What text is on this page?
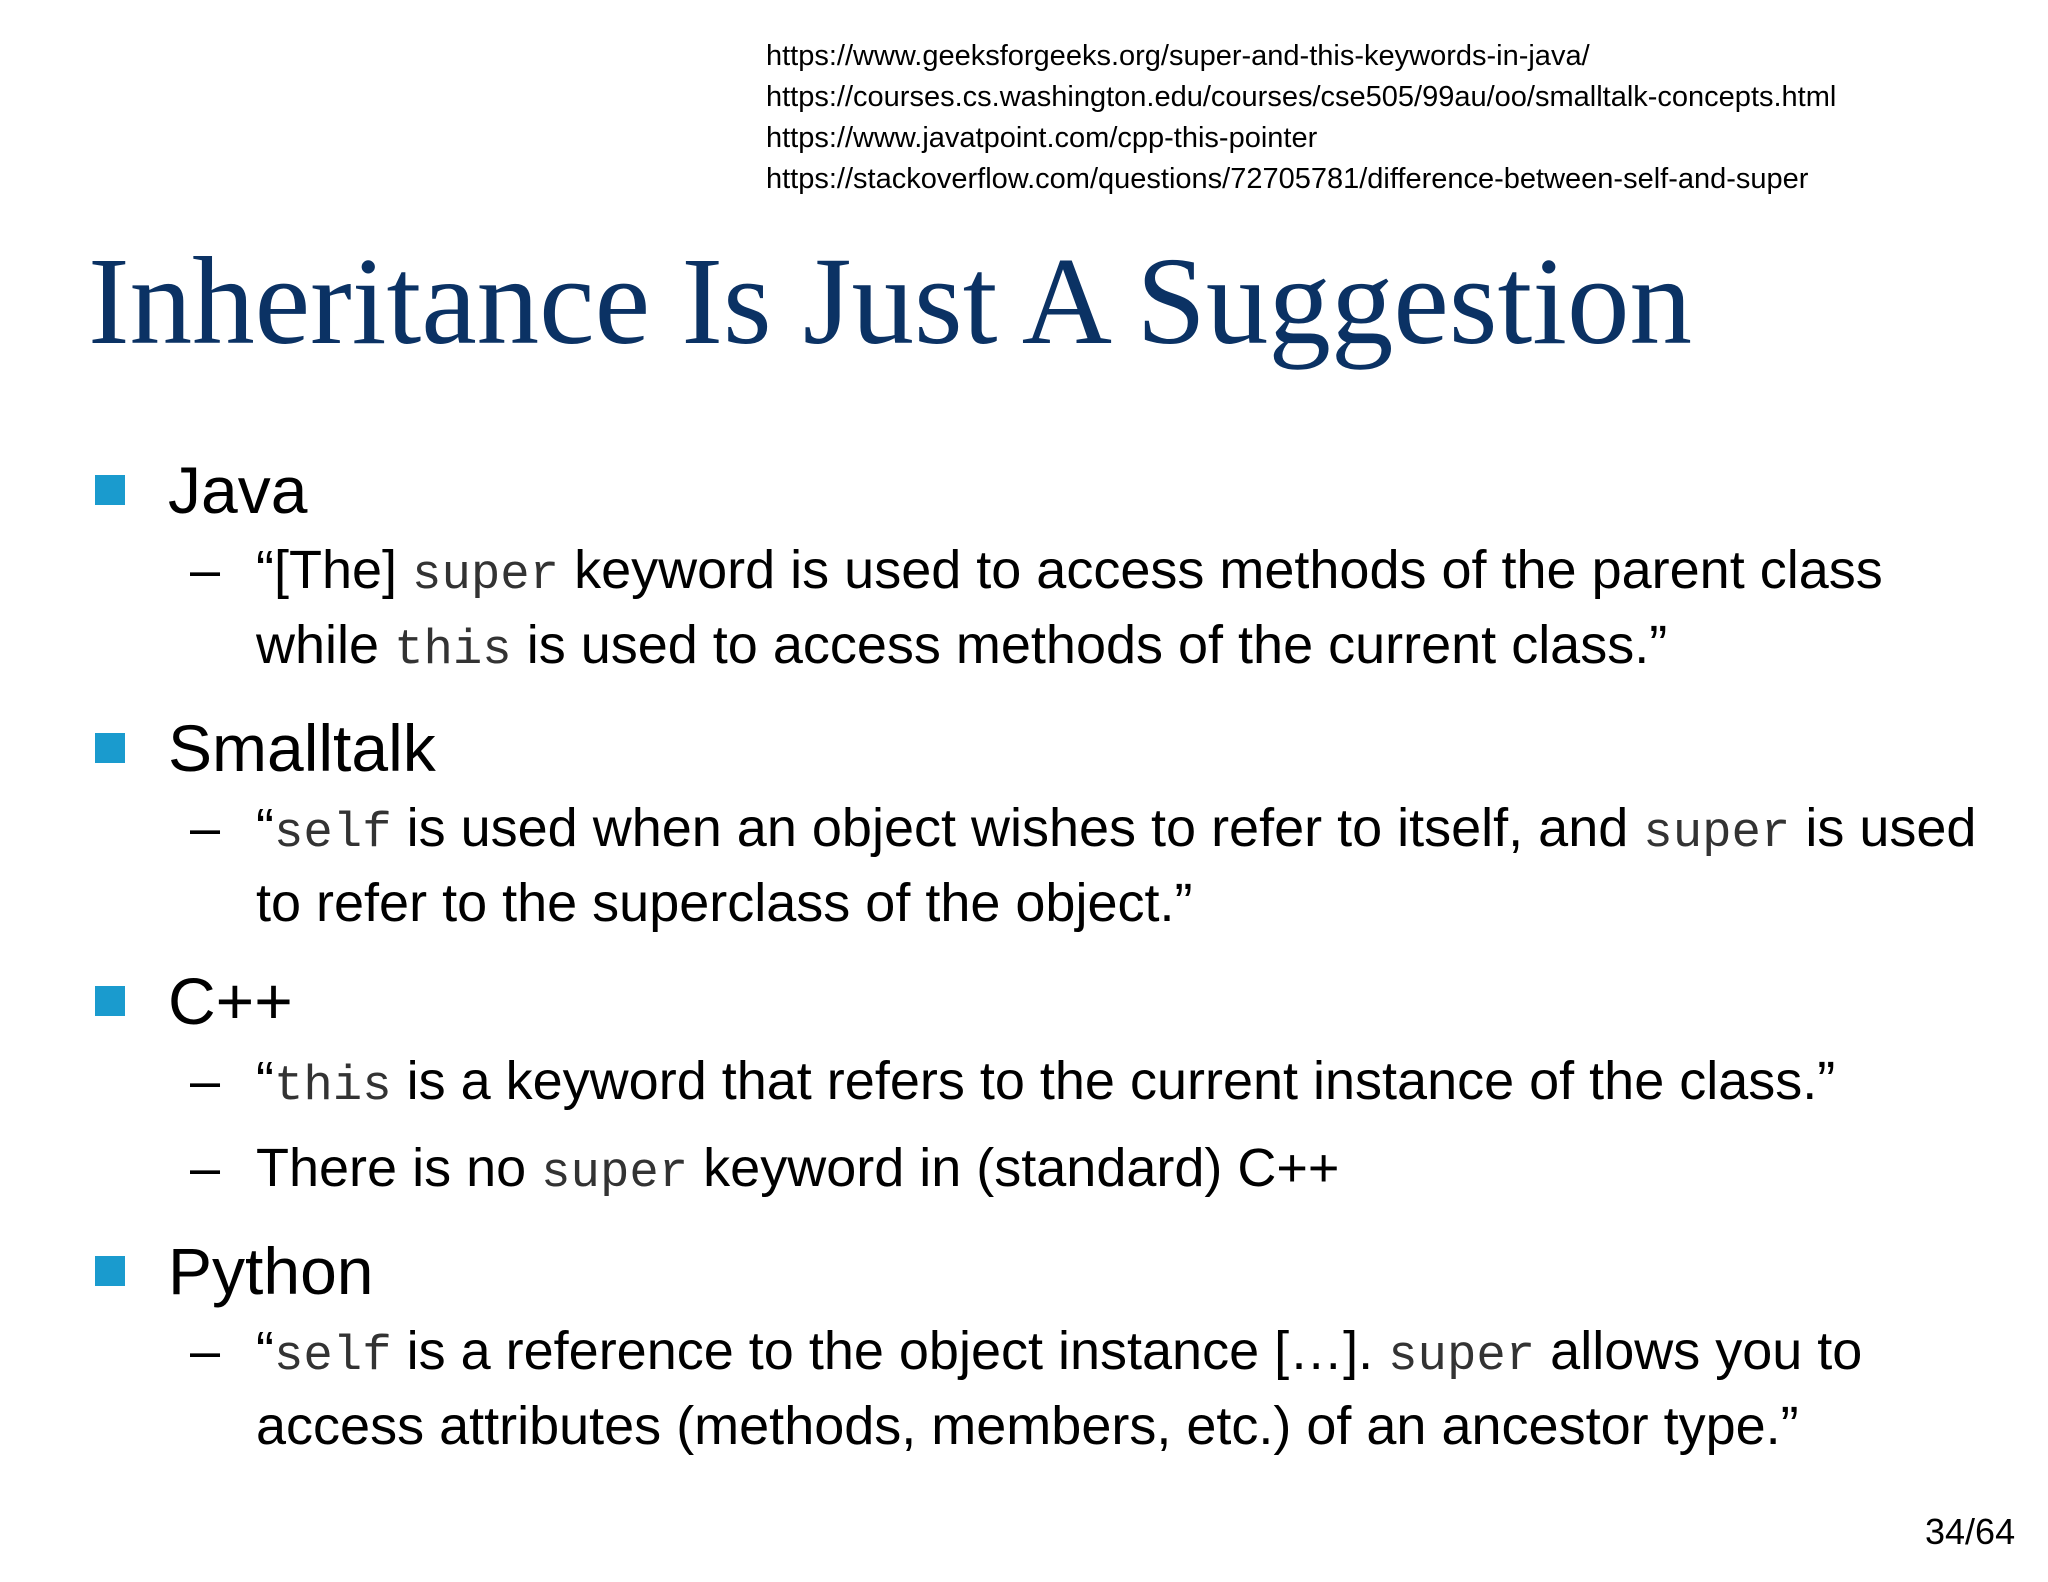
https://www.geeksforgeeks.org/super-and-this-keywords-in-java/
https://courses.cs.washington.edu/courses/cse505/99au/oo/smalltalk-concepts.html
https://www.javatpoint.com/cpp-this-pointer
https://stackoverflow.com/questions/72705781/difference-between-self-and-super
Inheritance Is Just A Suggestion
Java
– “[The] super keyword is used to access methods of the parent class while this is used to access methods of the current class.”
Smalltalk
– “self is used when an object wishes to refer to itself, and super is used to refer to the superclass of the object.”
C++
– “this is a keyword that refers to the current instance of the class.”
– There is no super keyword in (standard) C++
Python
– “self is a reference to the object instance […]. super allows you to access attributes (methods, members, etc.) of an ancestor type.”
34/64
